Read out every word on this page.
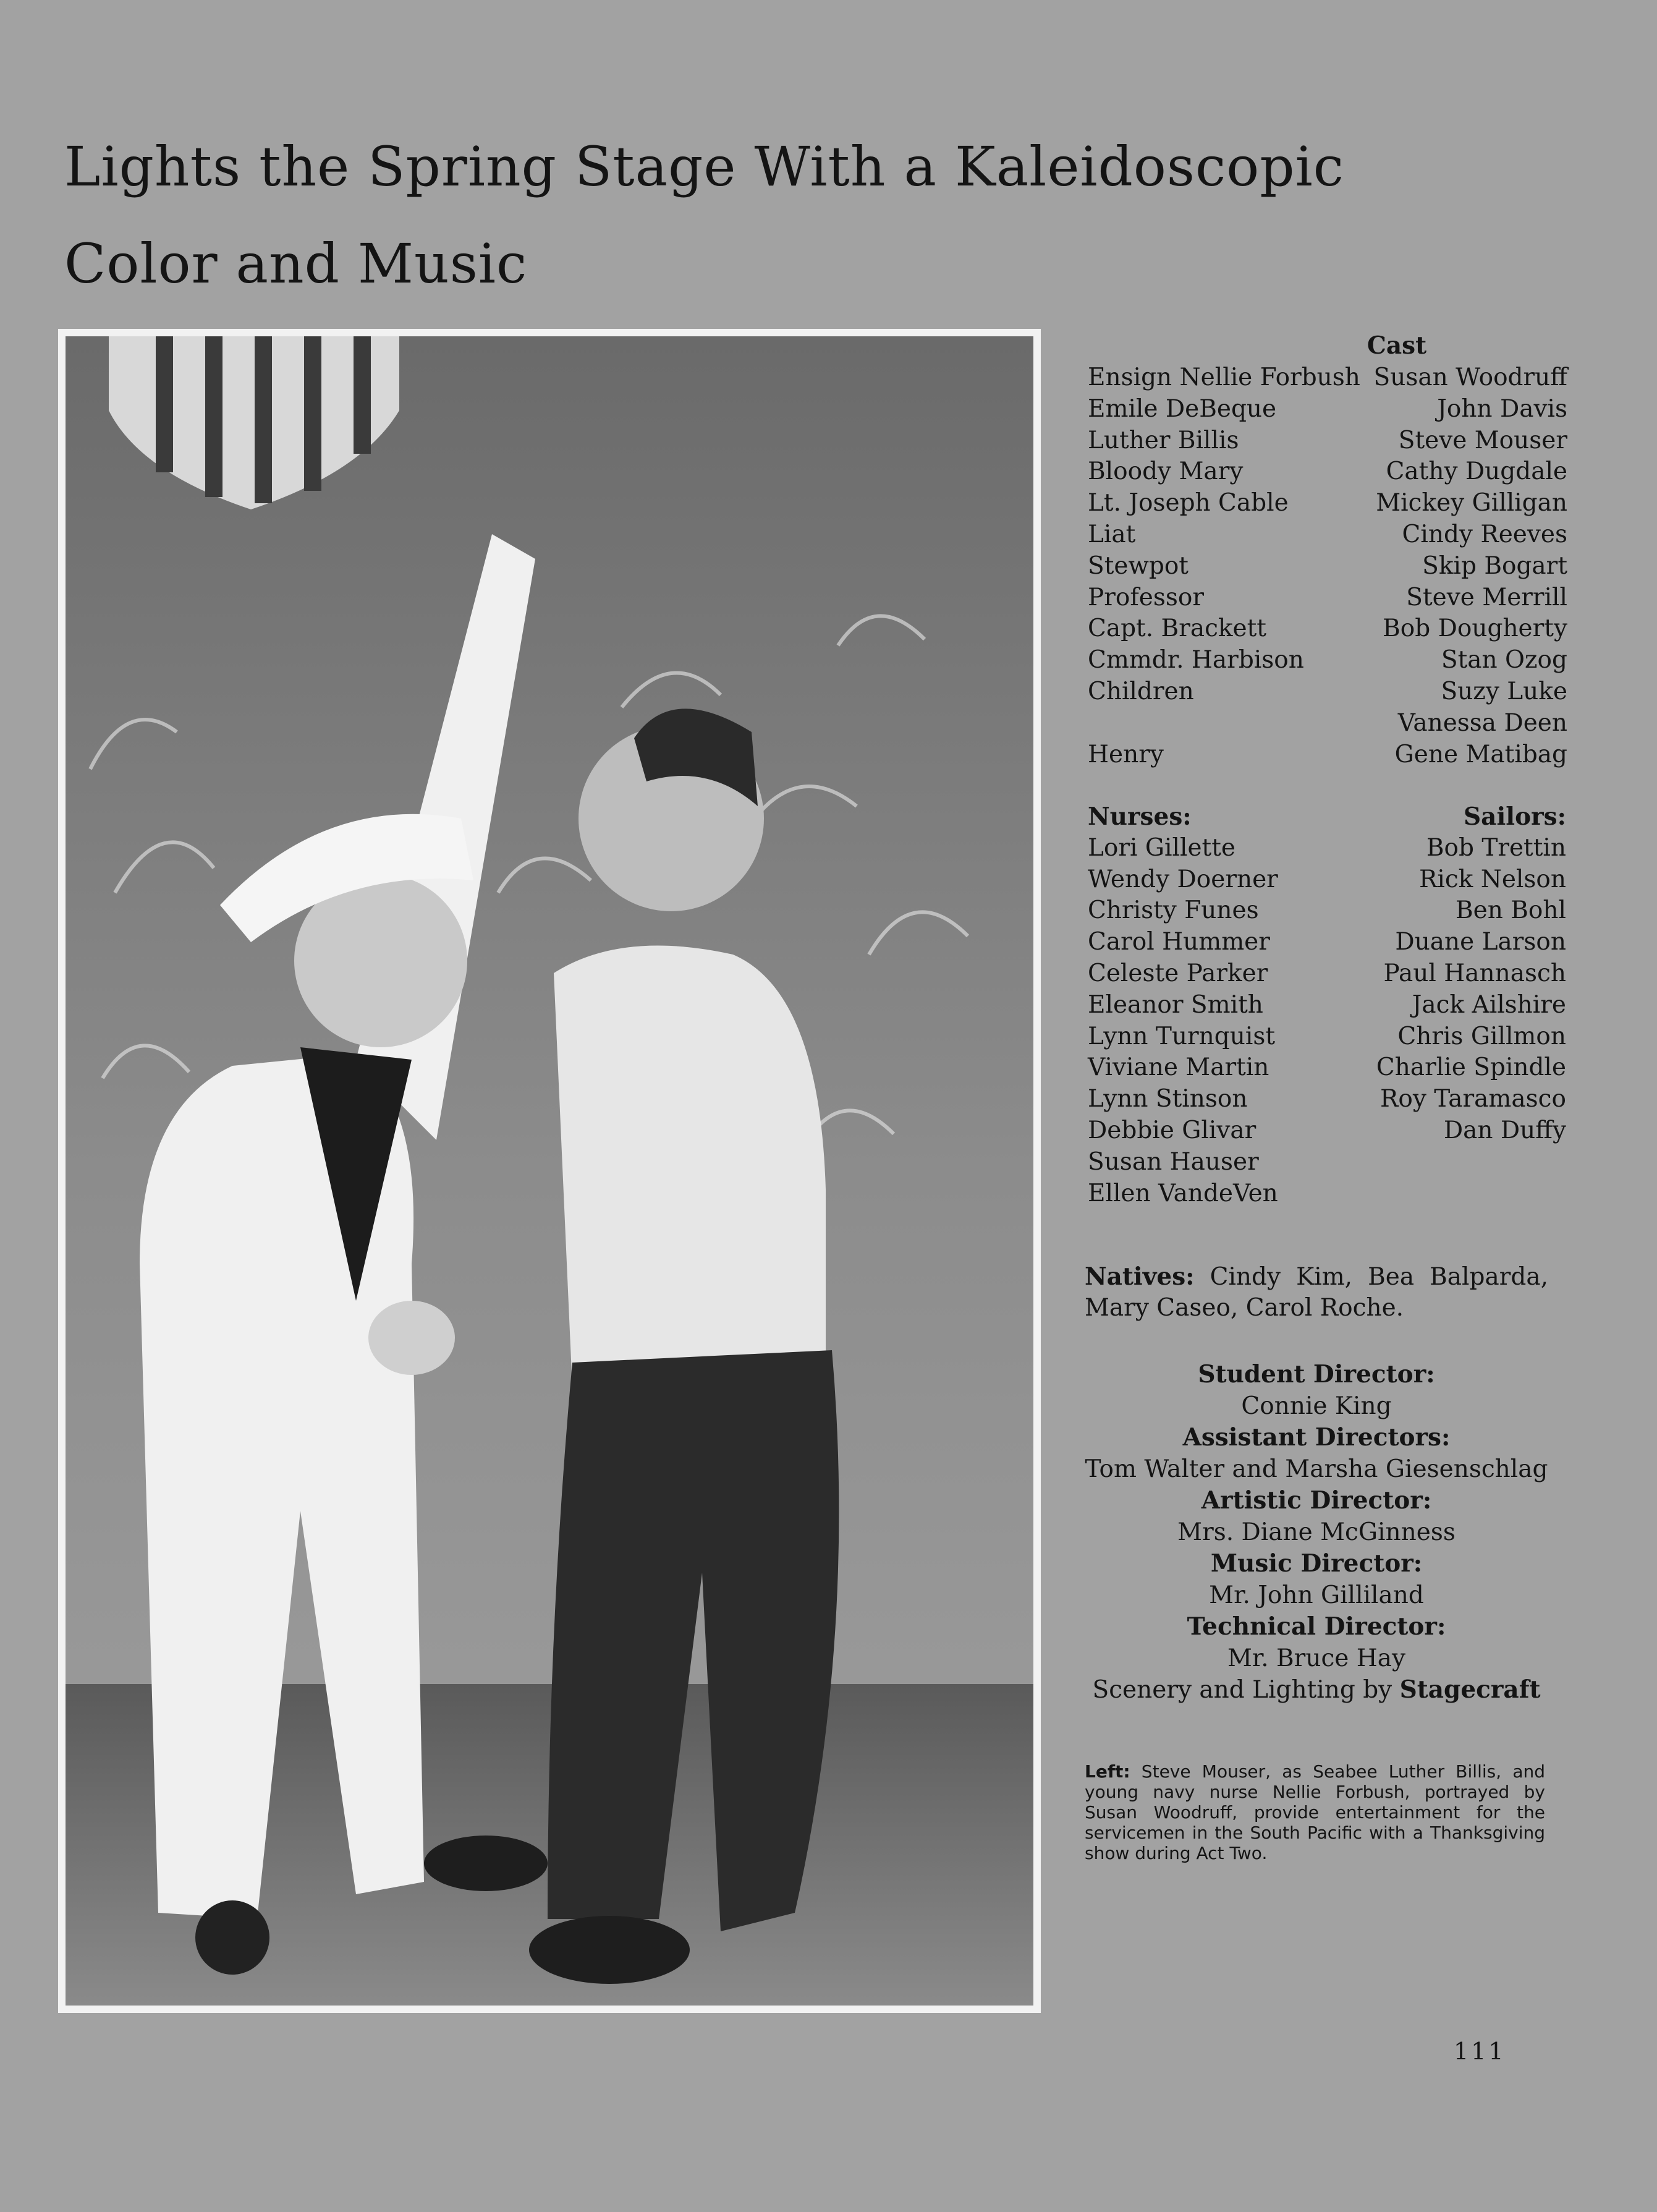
Lights the Spring Stage With a Kaleidoscopic
Color and Music
Cast
Ensign Nellie Forbush
Emile DeBeque
Luther Billis
Bloody Mary
Lt. Joseph Cable
Liat
Stewpot
Professor
Capt. Brackett
Cmmdr. Harbison
Children

Henry
Susan Woodruff
John Davis
Steve Mouser
Cathy Dugdale
Mickey Gilligan
Cindy Reeves
Skip Bogart
Steve Merrill
Bob Dougherty
Stan Ozog
Suzy Luke
Vanessa Deen
Gene Matibag
Nurses:
Lori Gillette
Wendy Doerner
Christy Funes
Carol Hummer
Celeste Parker
Eleanor Smith
Lynn Turnquist
Viviane Martin
Lynn Stinson
Debbie Glivar
Susan Hauser
Ellen VandeVen
Sailors:
Bob Trettin
Rick Nelson
Ben Bohl
Duane Larson
Paul Hannasch
Jack Ailshire
Chris Gillmon
Charlie Spindle
Roy Taramasco
Dan Duffy
Natives: Cindy Kim, Bea Balparda, Mary Caseo, Carol Roche.
Student Director:
Connie King
Assistant Directors:
Tom Walter and Marsha Giesenschlag
Artistic Director:
Mrs. Diane McGinness
Music Director:
Mr. John Gilliland
Technical Director:
Mr. Bruce Hay
Scenery and Lighting by Stagecraft
Left: Steve Mouser, as Seabee Luther Billis, and young navy nurse Nellie Forbush, portrayed by Susan Woodruff, provide entertainment for the servicemen in the South Pacific with a Thanksgiving show during Act Two.
111
